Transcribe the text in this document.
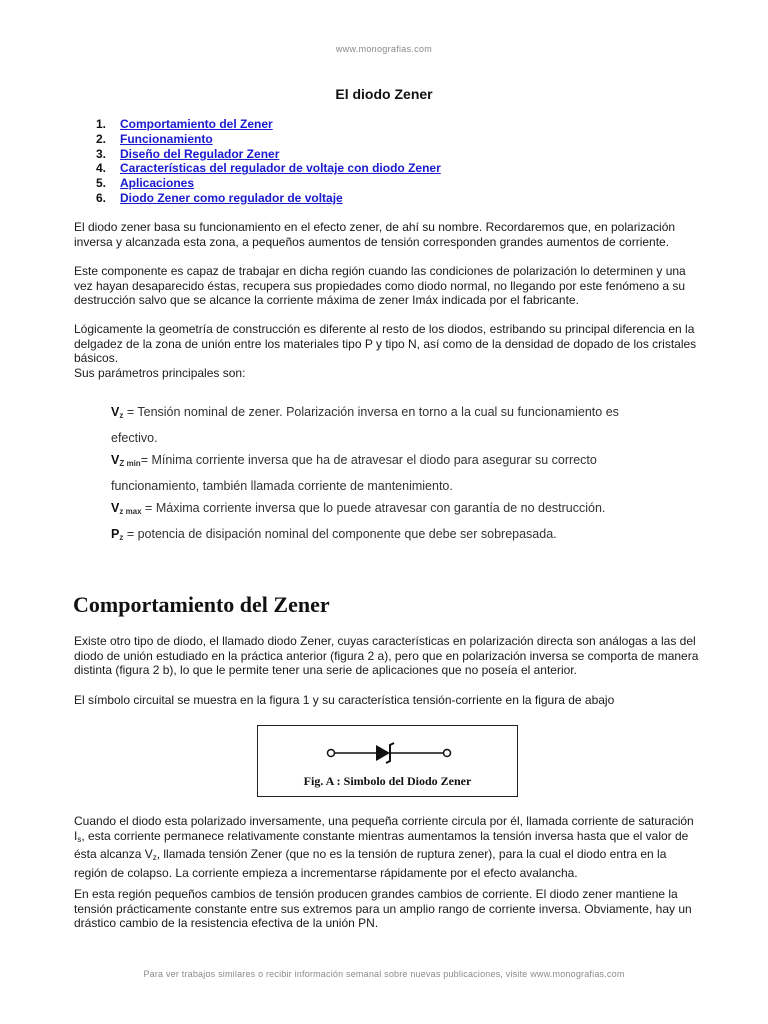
www.monografias.com
El diodo Zener
1.	Comportamiento del Zener
2.	Funcionamiento
3.	Diseño del Regulador Zener
4.	Características del regulador de voltaje con diodo Zener
5.	Aplicaciones
6.	Diodo Zener como regulador de voltaje

El diodo zener basa su funcionamiento en el efecto zener, de ahí su nombre. Recordaremos que, en polarización inversa y alcanzada esta zona, a pequeños aumentos de tensión corresponden grandes aumentos de corriente.

Este componente es capaz de trabajar en dicha región cuando las condiciones de polarización lo determinen y una vez hayan desaparecido éstas, recupera sus propiedades como diodo normal, no llegando por este fenómeno a su destrucción salvo que se alcance la corriente máxima de zener Imáx indicada por el fabricante.

Lógicamente la geometría de construcción es diferente al resto de los diodos, estribando su principal diferencia en la delgadez de la zona de unión entre los materiales tipo P y tipo N, así como de la densidad de dopado de los cristales básicos.

Sus parámetros principales son:

$V_z$ = Tensión nominal de zener. Polarización inversa en torno a la cual su funcionamiento es

efectivo.

$V_{Z min}=$ Mínima corriente inversa que ha de atravesar el diodo para asegurar su correcto

funcionamiento, también llamada corriente de mantenimiento.

$V_{z max}$ = Máxima corriente inversa que lo puede atravesar con garantía de no destrucción.

$P_z$ = potencia de disipación nominal del componente que debe ser sobrepasada.

Comportamiento del Zener

Existe otro tipo de diodo, el llamado diodo Zener, cuyas características en polarización directa son análogas a las del diodo de unión estudiado en la práctica anterior (figura 2 a), pero que en polarización inversa se comporta de manera distinta (figura 2 b), lo que le permite tener una serie de aplicaciones que no poseía el anterior.

El símbolo circuital se muestra en la figura 1 y su característica tensión-corriente en la figura de abajo

Fig. A : Simbolo del Diodo Zener

Cuando el diodo esta polarizado inversamente, una pequeña corriente circula por él, llamada corriente de saturación Is, esta corriente permanece relativamente constante mientras aumentamos la tensión inversa hasta que el valor de ésta alcanza Vz, llamada tensión Zener (que no es la tensión de ruptura zener), para la cual el diodo entra en la región de colapso. La corriente empieza a incrementarse rápidamente por el efecto avalancha.

En esta región pequeños cambios de tensión producen grandes cambios de corriente. El diodo zener mantiene la tensión prácticamente constante entre sus extremos para un amplio rango de corriente inversa. Obviamente, hay un drástico cambio de la resistencia efectiva de la unión PN.

Para ver trabajos similares o recibir información semanal sobre nuevas publicaciones, visite www.monografias.com
